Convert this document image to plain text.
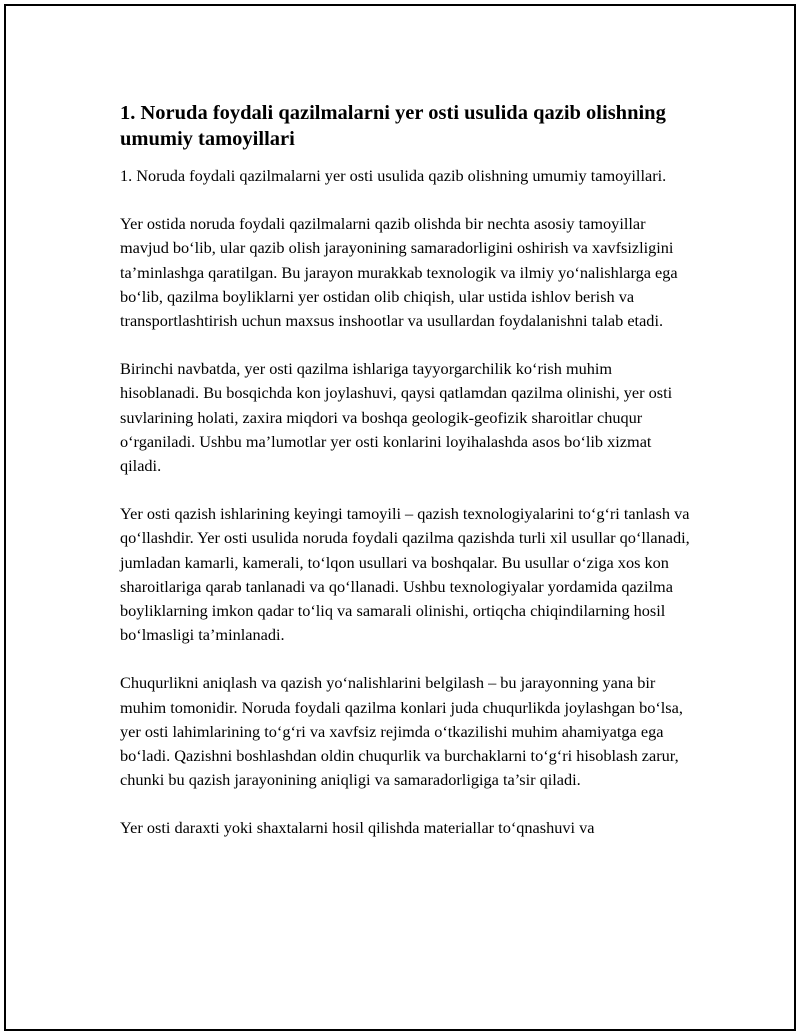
1. Noruda foydali qazilmalarni yer osti usulida qazib olishning umumiy tamoyillari

1. Noruda foydali qazilmalarni yer osti usulida qazib olishning umumiy tamoyillari.

Yer ostida noruda foydali qazilmalarni qazib olishda bir nechta asosiy tamoyillar mavjud bo‘lib, ular qazib olish jarayonining samaradorligini oshirish va xavfsizligini ta’minlashga qaratilgan. Bu jarayon murakkab texnologik va ilmiy yo‘nalishlarga ega bo‘lib, qazilma boyliklarni yer ostidan olib chiqish, ular ustida ishlov berish va transportlashtirish uchun maxsus inshootlar va usullardan foydalanishni talab etadi.

Birinchi navbatda, yer osti qazilma ishlariga tayyorgarchilik ko‘rish muhim hisoblanadi. Bu bosqichda kon joylashuvi, qaysi qatlamdan qazilma olinishi, yer osti suvlarining holati, zaxira miqdori va boshqa geologik-geofizik sharoitlar chuqur o‘rganiladi. Ushbu ma’lumotlar yer osti konlarini loyihalashda asos bo‘lib xizmat qiladi.

Yer osti qazish ishlarining keyingi tamoyili – qazish texnologiyalarini to‘g‘ri tanlash va qo‘llashdir. Yer osti usulida noruda foydali qazilma qazishda turli xil usullar qo‘llanadi, jumladan kamarli, kamerali, to‘lqon usullari va boshqalar. Bu usullar o‘ziga xos kon sharoitlariga qarab tanlanadi va qo‘llanadi. Ushbu texnologiyalar yordamida qazilma boyliklarning imkon qadar to‘liq va samarali olinishi, ortiqcha chiqindilarning hosil bo‘lmasligi ta’minlanadi.

Chuqurlikni aniqlash va qazish yo‘nalishlarini belgilash – bu jarayonning yana bir muhim tomonidir. Noruda foydali qazilma konlari juda chuqurlikda joylashgan bo‘lsa, yer osti lahimlarining to‘g‘ri va xavfsiz rejimda o‘tkazilishi muhim ahamiyatga ega bo‘ladi. Qazishni boshlashdan oldin chuqurlik va burchaklarni to‘g‘ri hisoblash zarur, chunki bu qazish jarayonining aniqligi va samaradorligiga ta’sir qiladi.

Yer osti daraxti yoki shaxtalarni hosil qilishda materiallar to‘qnashuvi va
